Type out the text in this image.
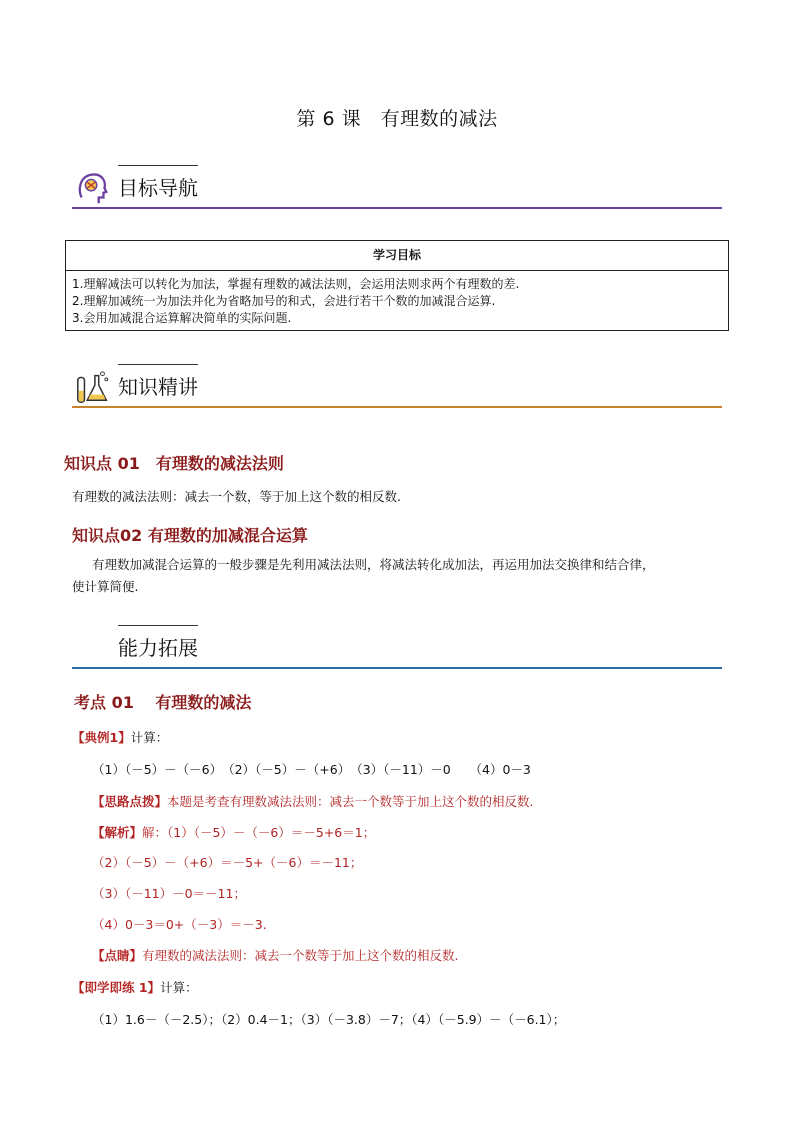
第 6 课　有理数的减法
目标导航
学习目标

1.理解减法可以转化为加法，掌握有理数的减法法则，会运用法则求两个有理数的差.
2.理解加减统一为加法并化为省略加号的和式，会进行若干个数的加减混合运算.
3.会用加减混合运算解决简单的实际问题.
知识精讲
知识点 01　有理数的减法法则
有理数的减法法则：减去一个数，等于加上这个数的相反数.
知识点02 有理数的加减混合运算
有理数加减混合运算的一般步骤是先利用减法法则，将减法转化成加法，再运用加法交换律和结合律，
使计算简便.
能力拓展
考点 01　 有理数的减法
【典例1】计算：
（1）（－5）－（－6）　（2）（－5）－（+6）　（3）（－11）－0　　（4）0－3
【思路点拨】本题是考查有理数减法法则：减去一个数等于加上这个数的相反数.
【解析】解：（1）（－5）－（－6）＝－5+6＝1；
（2）（－5）－（+6）＝－5+（－6）＝－11；
（3）（－11）－0＝－11；
（4）0－3＝0+（－3）＝－3.
【点睛】有理数的减法法则：减去一个数等于加上这个数的相反数.
【即学即练 1】计算：
（1）1.6－（－2.5）；（2）0.4－1；（3）（－3.8）－7；（4）（－5.9）－（－6.1）；
